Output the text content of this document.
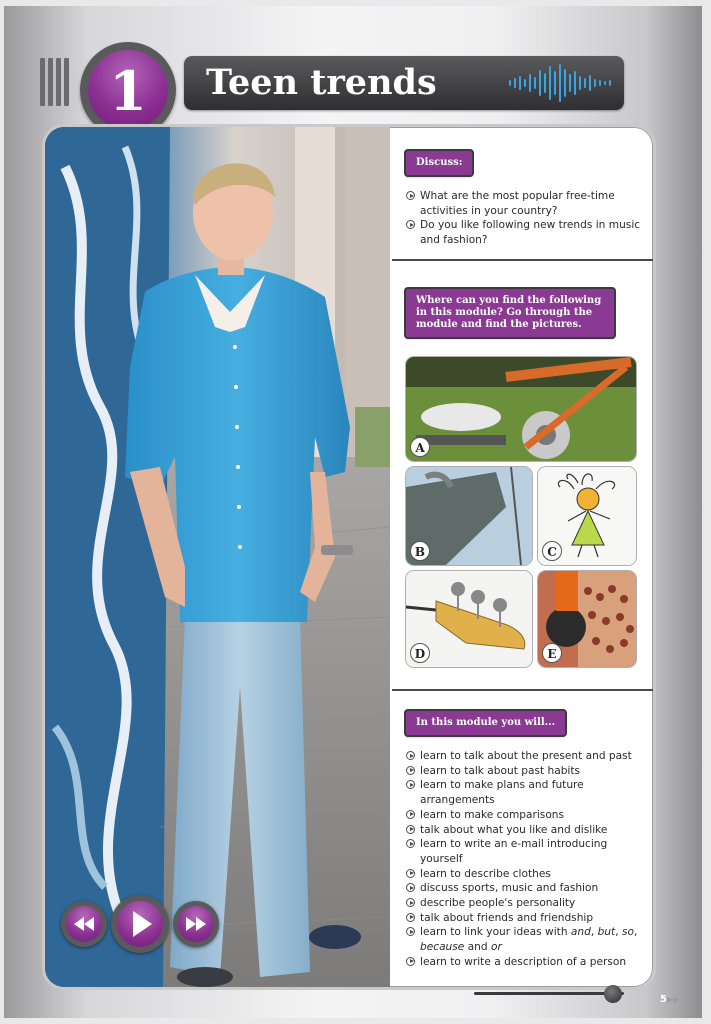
1	Teen trends
Discuss:
What are the most popular free-time activities in your country?
Do you like following new trends in music and fashion?
Where can you find the following in this module? Go through the module and find the pictures.
A
B	C
D	E
In this module you will...
learn to talk about the present and past
learn to talk about past habits
learn to make plans and future arrangements
learn to make comparisons
talk about what you like and dislike
learn to write an e-mail introducing yourself
learn to describe clothes
discuss sports, music and fashion
describe people's personality
talk about friends and friendship
learn to link your ideas with and, but, so, because and or
learn to write a description of a person
5▶▶
